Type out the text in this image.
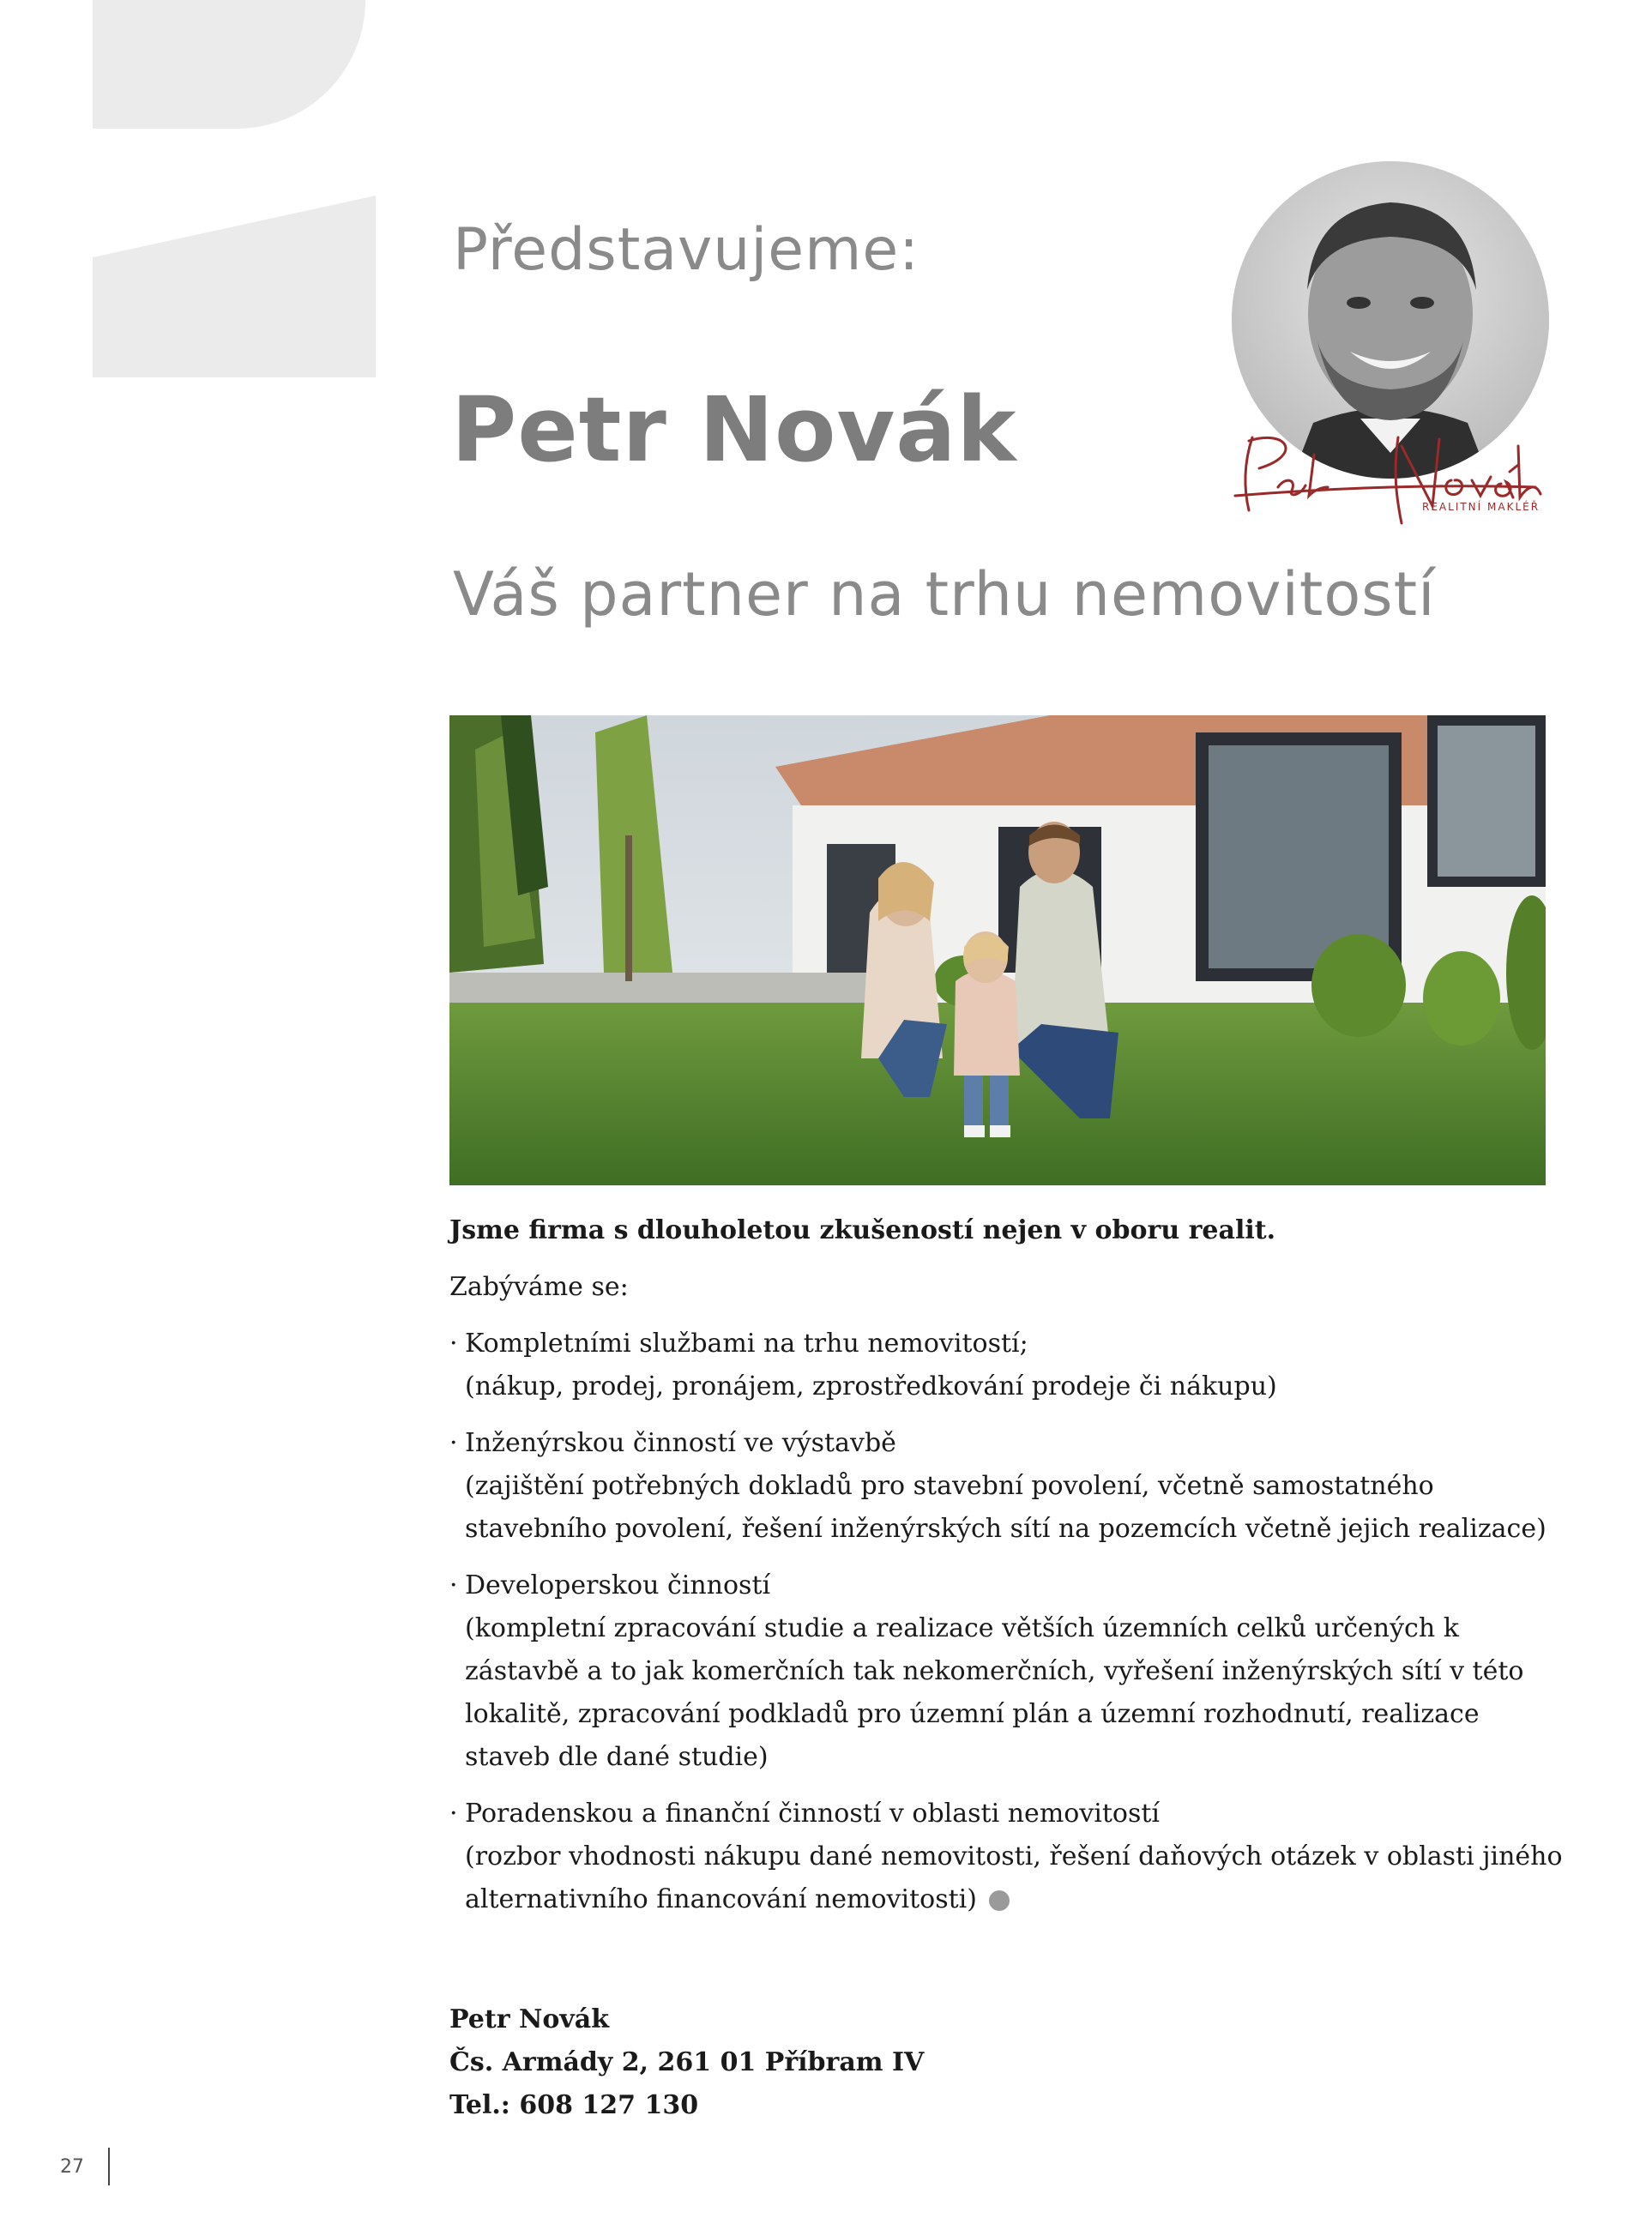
Představujeme:
Petr Novák
Váš partner na trhu nemovitostí
REALITNÍ MAKLÉŘ

Jsme firma s dlouholetou zkušeností nejen v oboru realit.

Zabýváme se:

· Kompletními službami na trhu nemovitostí;

(nákup, prodej, pronájem, zprostředkování prodeje či nákupu)

· Inženýrskou činností ve výstavbě

(zajištění potřebných dokladů pro stavební povolení, včetně samostatného stavebního povolení, řešení inženýrských sítí na pozemcích včetně jejich realizace)

· Developerskou činností

(kompletní zpracování studie a realizace větších územních celků určených k zástavbě a to jak komerčních tak nekomerčních, vyřešení inženýrských sítí v této lokalitě, zpracování podkladů pro územní plán a územní rozhodnutí, realizace staveb dle dané studie)

· Poradenskou a finanční činností v oblasti nemovitostí

(rozbor vhodnosti nákupu dané nemovitosti, řešení daňových otázek v oblasti jiného alternativního financování nemovitosti)

Petr Novák

Čs. Armády 2, 261 01 Příbram IV

Tel.: 608 127 130

27
